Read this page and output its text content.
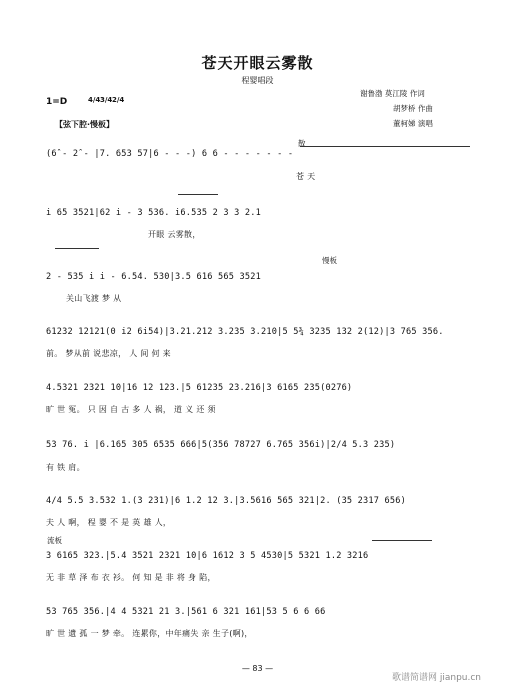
苍天开眼云雾散
程婴唱段
谢鲁渤 莫江陵 作词
胡梦桥 作曲
董柯娣 演唱
1=D	4/4 3/4 2/4
【弦下腔·慢板】
散
慢板
流板
(6̂ - 2̂ - |7. 653 57|6 - - -) 6 6 - - - - - - -
苍 天
i 65 3521|62 i - 3 536. i6.535 2 3 3 2.1
开眼 云雾散，
2 - 535 i i - 6.54. 530|3.5 616 565 3521
关山飞渡 梦 从
61232 12121(0 i2 6i54)|3.21.212 3.235 3.210|5 5¾ 3235 132 2(12)|3 765 356.
前。 梦从前 说悲凉， 人 间 何 来
4.5321 2321 10|16 12 123.|5 61235 23.216|3 6165 235(0276)
旷 世 冤。 只 因 自 古 多 人 祸， 道 义 还 须
53 76. i |6.165 305 6535 666|5(356 78727 6.765 356i)|2/4 5.3 235)
有 铁 肩。
4/4 5.5 3.532 1.(3 231)|6 1.2 12 3.|3.5616 565 321|2. (35 2317 656)
夫 人 啊， 程 婴 不 是 英 雄 人，
3 6165 323.|5.4 3521 2321 10|6 1612 3 5 4530|5 5321 1.2 3216
无 非 草 泽 布 衣 衫。 何 知 是 非 将 身 陷，
53 765 356.|4 4 5321 21 3.|561 6 321 161|53 5 6 6 66
旷 世 遗 孤 一 梦 牵。 连累你，中年痛失 亲 生子(啊)，
— 83 —
歌谱简谱网 jianpu.cn
